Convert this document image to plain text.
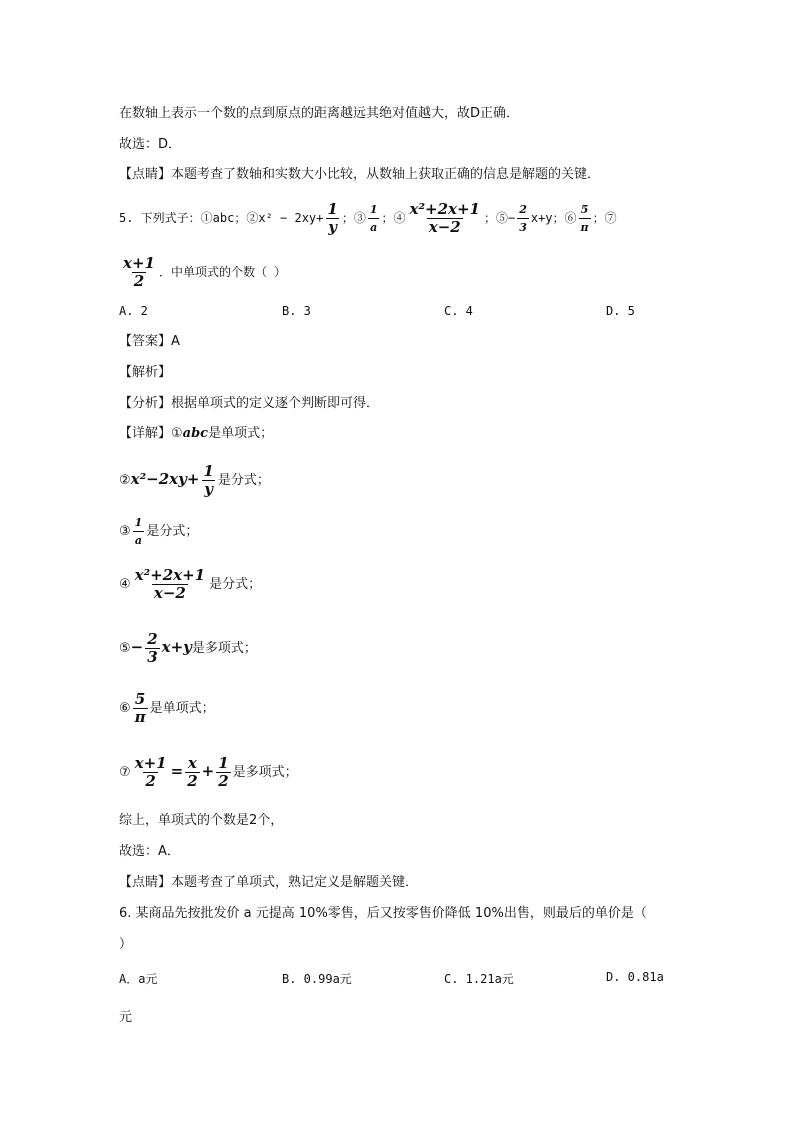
在数轴上表示一个数的点到原点的距离越远其绝对值越大，故D正确．
故选：D．
【点睛】本题考查了数轴和实数大小比较，从数轴上获取正确的信息是解题的关键．
5. 下列式子：①abc；②x² − $2xy+ \frac{1}{y}$ ；③ $\frac{1}{a}$ ；④ $\frac{\text{x²+2x+1}}{x-2}$ ；⑤− $\frac{2}{3} x+y$；⑥ $\frac{5}{\pi}$ ；⑦
$\frac{x+1}{2}$ ．中单项式的个数（ ）
A. 2	B. 3	C. 4	D. 5
【答案】A
【解析】
【分析】根据单项式的定义逐个判断即可得．
【详解】①abc是单项式；
②x²−2xy+ $\frac{1}{y}$ 是分式；
③ $\frac{1}{a}$ 是分式；
④ $\frac{\text{x²+2x+1}}{x-2}$ 是分式；
⑤− $\frac{2}{3} x+y$是多项式；
⑥ $\frac{5}{\pi}$ 是单项式；
⑦ $\frac{x+1}{2} = \frac{x}{2} + \frac{1}{2}$ 是多项式；
综上，单项式的个数是2个，
故选：A．
【点睛】本题考查了单项式，熟记定义是解题关键．
6. 某商品先按批发价 a 元提高 10%零售，后又按零售价降低 10%出售，则最后的单价是（
）
A．a元	B. 0.99a元	C. 1.21a元	D. 0.81a
元
